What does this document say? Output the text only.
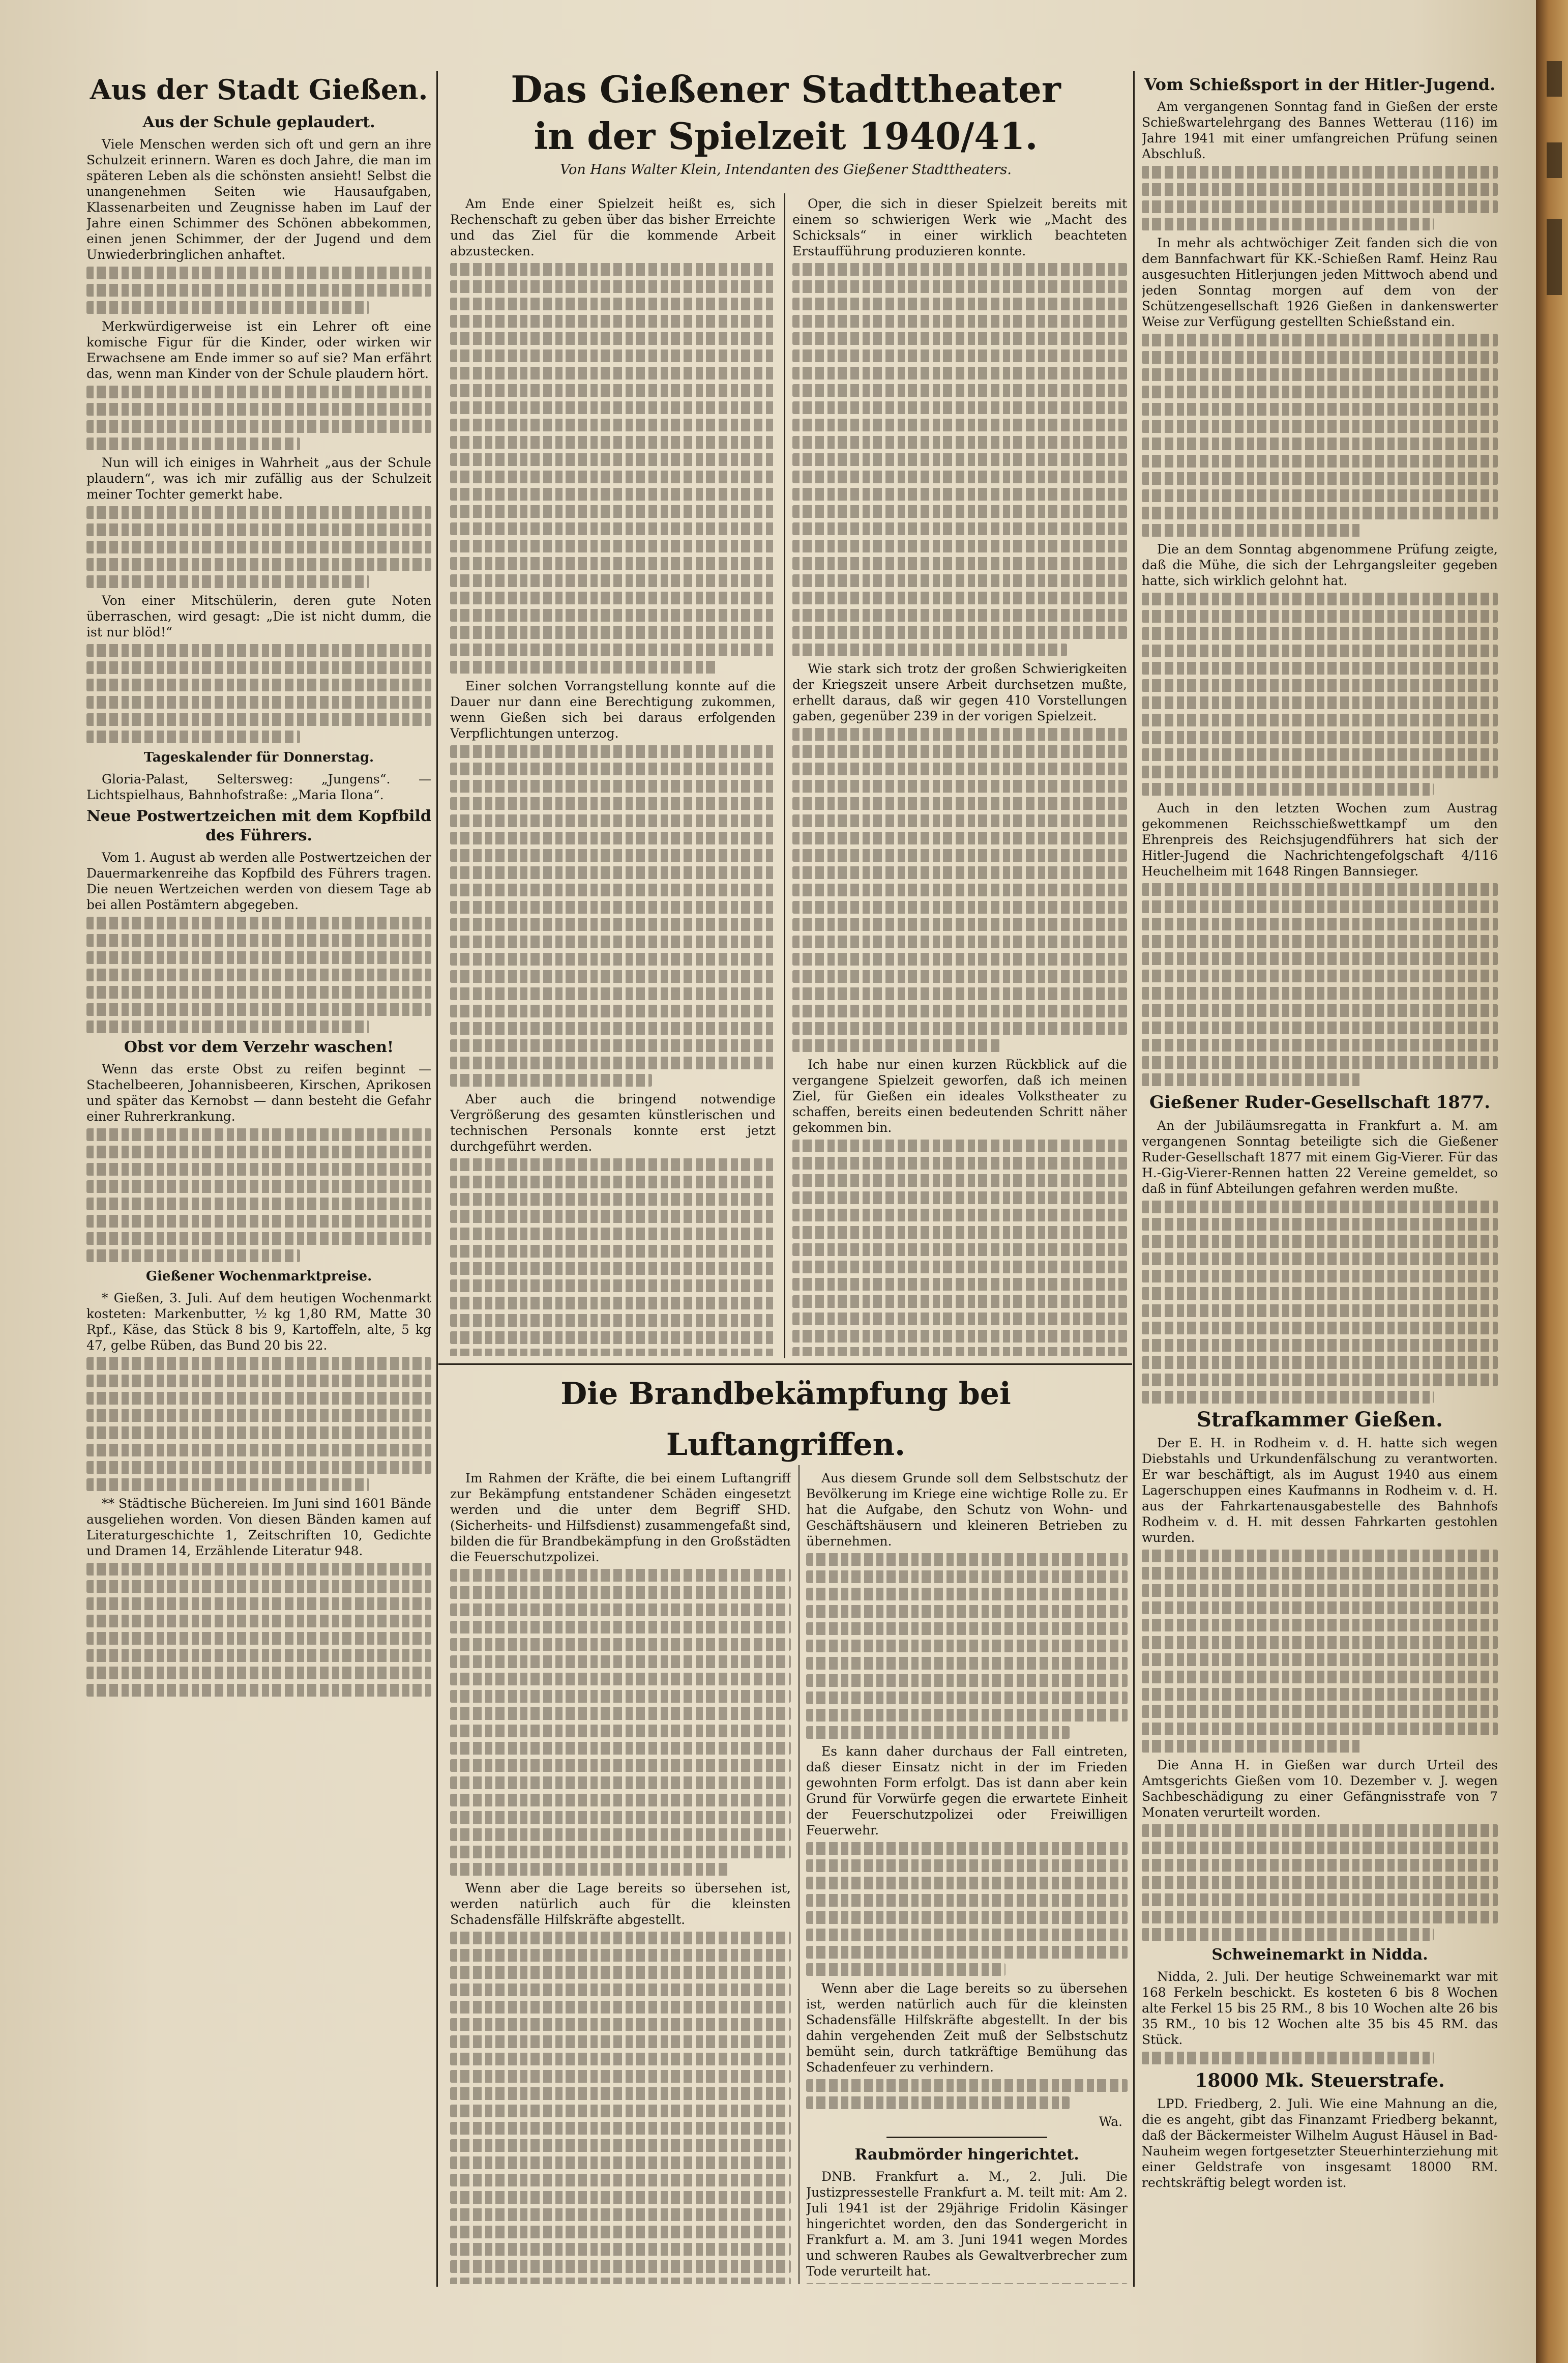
Aus der Stadt Gießen.
Aus der Schule geplaudert.

Viele Menschen werden sich oft und gern an ihre Schulzeit erinnern. Waren es doch Jahre, die man im späteren Leben als die schönsten ansieht! Selbst die unangenehmen Seiten wie Hausaufgaben, Klassenarbeiten und Zeugnisse haben im Lauf der Jahre einen Schimmer des Schönen abbekommen, einen jenen Schimmer, der der Jugend und dem Unwiederbringlichen anhaftet.

Merkwürdigerweise ist ein Lehrer oft eine komische Figur für die Kinder, oder wirken wir Erwachsene am Ende immer so auf sie? Man erfährt das, wenn man Kinder von der Schule plaudern hört.

Nun will ich einiges in Wahrheit „aus der Schule plaudern“, was ich mir zufällig aus der Schulzeit meiner Tochter gemerkt habe.

Von einer Mitschülerin, deren gute Noten überraschen, wird gesagt: „Die ist nicht dumm, die ist nur blöd!“

Tageskalender für Donnerstag.

Gloria-Palast, Seltersweg: „Jungens“. — Lichtspielhaus, Bahnhofstraße: „Maria Ilona“.

Neue Postwertzeichen mit dem Kopfbild des Führers.

Vom 1. August ab werden alle Postwertzeichen der Dauermarkenreihe das Kopfbild des Führers tragen. Die neuen Wertzeichen werden von diesem Tage ab bei allen Postämtern abgegeben.

Obst vor dem Verzehr waschen!

Wenn das erste Obst zu reifen beginnt — Stachelbeeren, Johannisbeeren, Kirschen, Aprikosen und später das Kernobst — dann besteht die Gefahr einer Ruhrerkrankung.

Gießener Wochenmarktpreise.

* Gießen, 3. Juli. Auf dem heutigen Wochenmarkt kosteten: Markenbutter, ½ kg 1,80 RM, Matte 30 Rpf., Käse, das Stück 8 bis 9, Kartoffeln, alte, 5 kg 47, gelbe Rüben, das Bund 20 bis 22.

** Städtische Büchereien. Im Juni sind 1601 Bände ausgeliehen worden. Von diesen Bänden kamen auf Literaturgeschichte 1, Zeitschriften 10, Gedichte und Dramen 14, Erzählende Literatur 948.

Das Gießener Stadttheater
in der Spielzeit 1940/41.
Von Hans Walter Klein, Intendanten des Gießener Stadttheaters.

Am Ende einer Spielzeit heißt es, sich Rechenschaft zu geben über das bisher Erreichte und das Ziel für die kommende Arbeit abzustecken.

Einer solchen Vorrangstellung konnte auf die Dauer nur dann eine Berechtigung zukommen, wenn Gießen sich bei daraus erfolgenden Verpflichtungen unterzog.

Aber auch die bringend notwendige Vergrößerung des gesamten künstlerischen und technischen Personals konnte erst jetzt durchgeführt werden.

Oper, die sich in dieser Spielzeit bereits mit einem so schwierigen Werk wie „Macht des Schicksals“ in einer wirklich beachteten Erstaufführung produzieren konnte.

Wie stark sich trotz der großen Schwierigkeiten der Kriegszeit unsere Arbeit durchsetzen mußte, erhellt daraus, daß wir gegen 410 Vorstellungen gaben, gegenüber 239 in der vorigen Spielzeit.

Ich habe nur einen kurzen Rückblick auf die vergangene Spielzeit geworfen, daß ich meinen Ziel, für Gießen ein ideales Volkstheater zu schaffen, bereits einen bedeutenden Schritt näher gekommen bin.

Die Brandbekämpfung bei Luftangriffen.

Im Rahmen der Kräfte, die bei einem Luftangriff zur Bekämpfung entstandener Schäden eingesetzt werden und die unter dem Begriff SHD. (Sicherheits- und Hilfsdienst) zusammengefaßt sind, bilden die für Brandbekämpfung in den Großstädten die Feuerschutzpolizei.

Wenn aber die Lage bereits so übersehen ist, werden natürlich auch für die kleinsten Schadensfälle Hilfskräfte abgestellt.

Aus diesem Grunde soll dem Selbstschutz der Bevölkerung im Kriege eine wichtige Rolle zu. Er hat die Aufgabe, den Schutz von Wohn- und Geschäftshäusern und kleineren Betrieben zu übernehmen.

Es kann daher durchaus der Fall eintreten, daß dieser Einsatz nicht in der im Frieden gewohnten Form erfolgt. Das ist dann aber kein Grund für Vorwürfe gegen die erwartete Einheit der Feuerschutzpolizei oder Freiwilligen Feuerwehr.

Wenn aber die Lage bereits so zu übersehen ist, werden natürlich auch für die kleinsten Schadensfälle Hilfskräfte abgestellt. In der bis dahin vergehenden Zeit muß der Selbstschutz bemüht sein, durch tatkräftige Bemühung das Schadenfeuer zu verhindern.

Wa.
Raubmörder hingerichtet.

DNB. Frankfurt a. M., 2. Juli. Die Justizpressestelle Frankfurt a. M. teilt mit: Am 2. Juli 1941 ist der 29jährige Fridolin Käsinger hingerichtet worden, den das Sondergericht in Frankfurt a. M. am 3. Juni 1941 wegen Mordes und schweren Raubes als Gewaltverbrecher zum Tode verurteilt hat.

Vom Schießsport in der Hitler-Jugend.

Am vergangenen Sonntag fand in Gießen der erste Schießwartelehrgang des Bannes Wetterau (116) im Jahre 1941 mit einer umfangreichen Prüfung seinen Abschluß.

In mehr als achtwöchiger Zeit fanden sich die von dem Bannfachwart für KK.-Schießen Ramf. Heinz Rau ausgesuchten Hitlerjungen jeden Mittwoch abend und jeden Sonntag morgen auf dem von der Schützengesellschaft 1926 Gießen in dankenswerter Weise zur Verfügung gestellten Schießstand ein.

Die an dem Sonntag abgenommene Prüfung zeigte, daß die Mühe, die sich der Lehrgangsleiter gegeben hatte, sich wirklich gelohnt hat.

Auch in den letzten Wochen zum Austrag gekommenen Reichsschießwettkampf um den Ehrenpreis des Reichsjugendführers hat sich der Hitler-Jugend die Nachrichtengefolgschaft 4/116 Heuchelheim mit 1648 Ringen Bannsieger.

Gießener Ruder-Gesellschaft 1877.

An der Jubiläumsregatta in Frankfurt a. M. am vergangenen Sonntag beteiligte sich die Gießener Ruder-Gesellschaft 1877 mit einem Gig-Vierer. Für das H.-Gig-Vierer-Rennen hatten 22 Vereine gemeldet, so daß in fünf Abteilungen gefahren werden mußte.

Strafkammer Gießen.

Der E. H. in Rodheim v. d. H. hatte sich wegen Diebstahls und Urkundenfälschung zu verantworten. Er war beschäftigt, als im August 1940 aus einem Lagerschuppen eines Kaufmanns in Rodheim v. d. H. aus der Fahrkartenausgabestelle des Bahnhofs Rodheim v. d. H. mit dessen Fahrkarten gestohlen wurden.

Die Anna H. in Gießen war durch Urteil des Amtsgerichts Gießen vom 10. Dezember v. J. wegen Sachbeschädigung zu einer Gefängnisstrafe von 7 Monaten verurteilt worden.

Schweinemarkt in Nidda.

Nidda, 2. Juli. Der heutige Schweinemarkt war mit 168 Ferkeln beschickt. Es kosteten 6 bis 8 Wochen alte Ferkel 15 bis 25 RM., 8 bis 10 Wochen alte 26 bis 35 RM., 10 bis 12 Wochen alte 35 bis 45 RM. das Stück.

18000 Mk. Steuerstrafe.

LPD. Friedberg, 2. Juli. Wie eine Mahnung an die, die es angeht, gibt das Finanzamt Friedberg bekannt, daß der Bäckermeister Wilhelm August Häusel in Bad-Nauheim wegen fortgesetzter Steuerhinterziehung mit einer Geldstrafe von insgesamt 18000 RM. rechtskräftig belegt worden ist.
